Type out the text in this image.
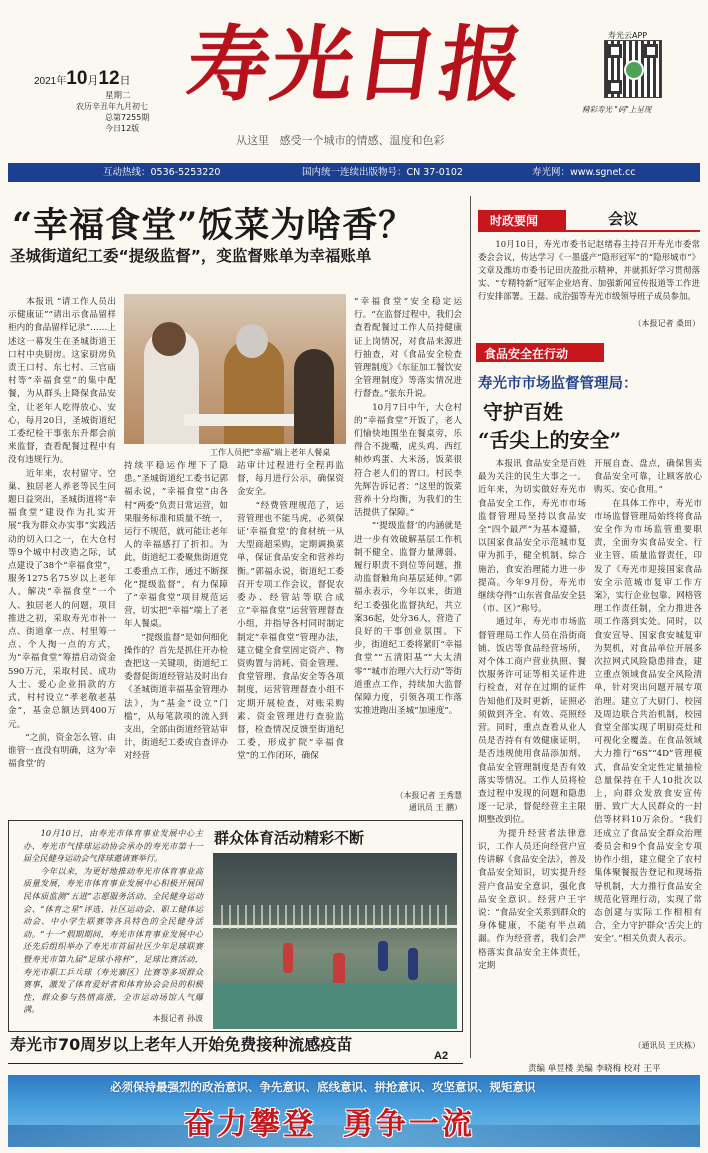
2021年10月12日
星期二
农历辛丑年九月初七
总第7255期
今日12版
寿光日报
从这里   感受一个城市的情感、温度和色彩
寿光云APP
精彩寿光 "码"上呈现
互动热线：0536-5253220	国内统一连续出版物号：CN 37-0102	寿光网：www.sgnet.cc
“幸福食堂”饭菜为啥香？
圣城街道纪工委“提级监督”，变监督账单为幸福账单
工作人员把“幸福”端上老年人餐桌
　　本报讯 “请工作人员出示健康证”“请出示食品留样柜内的食品留样记录”……上述这一幕发生在圣城街道王口村中央厨房。这家厨房负责王口村、东七村、三官庙村等“幸福食堂”的集中配餐，为从群头上降保食品安全，让老年人吃得放心、安心，每月20日，圣城街道纪工委纪检干事张东升都会前来监督，查看配餐过程中有没有违规行为。
　　近年来，农村留守、空巢、独居老人养老等民生问题日益突出，圣城街道将“幸福食堂”建设作为扎实开展“我为群众办实事”实践活动的切入口之一，在大仓村等9个城中村改造之际，试点建设了38个“幸福食堂”，服务1275名75岁以上老年人，解决“幸福食堂”一个人、独居老人的问题，项目推进之初，采取寿光市补一点、街道拿一点、村里筹一点、个人掏一点的方式，为“幸福食堂”筹措启动资金590万元，采取村民、成功人士、爱心企业捐款的方式，村村设立“孝老敬老基金”，基金总额达到400万元。
　　“之前，资金怎么管、由谁管一直没有明确，这为‘幸福食堂’的
持续平稳运作埋下了隐患。”圣城街道纪工委书记郭福永说，“幸福食堂”由各村“两委”负责日常运营，如果服务标准和质量不统一，运行不规范，就可能让老年人的幸福感打了折扣。为此，街道纪工委聚焦街道党工委重点工作，通过不断探化“提级监督”，有力保障了“幸福食堂”项目规范运营，切实把“幸福”端上了老年人餐桌。
　　“提级监督”是如何细化操作的？首先是抓住开办检查把这一关键项，街道纪工委督促街道经管站及时出台《圣城街道幸福基金管理办法》，为“基金”设立“门槛”，从每笔款项的流入到支出，全部由街道经管站审计，街道纪工委或自查评办对经营
站审计过程进行全程再监督，每月进行公示，确保资金安全。
　　“经费管理规范了，运营管理也不能马虎，必须保证‘幸福食堂’的食材统一从大型商超采购，定期调换菜单，保证食品安全和营养均衡。”郭福永说，街道纪工委召开专项工作会议，督促农委办、经管站等联合成立“幸福食堂”运营管理督查小组，并指导各村同时制定制定“幸福食堂”管理办法，建立健全食堂固定资产、物资购置与消耗、资金管理、食堂管理、食品安全等各项制度，运营管理督查小组不定期开展检查，对账采购素、资金管理进行查验监督，检查情况反馈至街道纪工委，形成扩院“幸福食堂”的工作闭环，确保
“幸福食堂”安全稳定运行。“在监督过程中，我们会查看配餐过工作人员持健康证上岗情况，对食品来源进行抽查，对《食品安全检查管理制度》《东征加工餐饮安全管理制度》等落实情况进行督查。”张东升说。
　　10月7日中午，大仓村的“幸福食堂”开饭了，老人们愉快地围坐在餐桌旁，乐得合不拢嘴，虎头鸡、西红柿炒鸡蛋、大米汤，饭菜很符合老人们的胃口。村民李先辉告诉记者：“这里的饭菜营养十分均衡，为我们的生活提供了保障。”
　　“‘提级监督’的内涵就是进一步有效破解基层工作机制不健全、监督力量薄弱、履行职责不到位等问题，推动监督触角向基层延伸。”郭福永表示，今年以来，街道纪工委强化监督执纪，共立案36起，处分36人，营造了良好的干事创业氛围。下步，街道纪工委将紧盯“幸福食堂”“五清阳基”“大太清零”“城市治理六大行动”等街道重点工作，持续加大监督保障力度，引领各项工作落实推进跑出圣城“加速度”。
（本报记者 王秀慧
通讯员 王 鹏）
群众体育活动精彩不断
　　10月10日，由寿光市体育事业发展中心主办、寿光市气排球运动协会承办的寿光市第十一届全民健身运动会气排球邀请赛举行。
　　今年以来，为更好地推动寿光市体育事业高质量发展，寿光市体育事业发展中心积极开展国民体质监测“五进”志愿服务活动、全民健身运动会、“体育之星”评选、社区运动会、职工健体运动会、中小学生联赛等各具特色的全民健身活动。“十一”假期期间，寿光市体育事业发展中心还先后组织举办了寿光市首届社区少年足球联赛暨寿光市第九届“足球小将杯”，足球比赛活动，寿光市职工乒乓球（寿光寨区）比赛等多项群众赛事，激发了体育爱好者和体育协会会员的积极性，群众参与热情高涨，全市运动场馆人气爆满。
本报记者 孙波
寿光市70周岁以上老年人开始免费接种流感疫苗
A2
责编 单昱楼 美编 李晓梅 校对 王平
必须保持最强烈的政治意识、争先意识、底线意识、拼抢意识、攻坚意识、规矩意识
奋力攀登  勇争一流
时政要闻	会议
　　10月10日，寿光市委书记赵绪春主持召开寿光市委常委会会议，传达学习《一墨盛产“隐形冠军”的“隐形城市”》文章及潍坊市委书记田庆盈批示精神，并就抓好学习贯彻落实、“专精特新”冠军企业培育、加强新闻宣传报道等工作进行安排部署。王磊、成治强等寿光市级领导班子成员参加。
（本报记者 桑田）
食品安全在行动
寿光市市场监督管理局：
守护百姓
“舌尖上的安全”
　　本报讯 食品安全是百姓最为关注的民生大事之一。近年来，为切实做好寿光市食品安全工作，寿光市市场监督管理局坚持以食品安全“四个最严”为基本遵循，以国家食品安全示范城市复审为抓手，健全机制、综合施治，食安治理能力进一步提高。今年9月份，寿光市继续夺得“山东省食品安全县（市、区）”称号。
　　通过年，寿光市市场监督管理局工作人员在沿街商铺、饭店等食品经营场所，对个体工商户营业执照、餐饮服务许可证等相关证件进行检查，对存在过期的证件告知他们及时更新，证照必须做到齐全、有效、亮照经营。同时，重点查看从业人员是否持有有效健康证明，是否违规使用食品添加剂、食品安全管理制度是否有效落实等情况。工作人员将检查过程中发现的问题和隐患逐一记录，督促经营主主限期整改到位。
　　为提升经营者法律意识，工作人员还向经营户宣传讲解《食品安全法》，普及食品安全知识，切实提升经营户食品安全意识，强化食品安全意识。经营户王宇说：“食品安全关系到群众的身体健康，不能有半点疏漏。作为经营者，我们会严格落实食品安全主体责任，定期
开展自查、盘点，确保售卖食品安全可靠，让顾客放心购买、安心食用。”
　　在具体工作中，寿光市市场监督管理局始终将食品安全作为市场监管重要职责，全面夯实食品安全、行业主管、质量监督责任，印发了《寿光市迎接国家食品安全示范城市复审工作方案》，实行企业包靠、网格管理工作责任制，全力推进各项工作落到实处。同时，以食安宣导、国家食安城复审为契机，对食品单位开展多次拉网式风险隐患排查，建立重点领域食品安全风险清单，针对突出问题开展专项治理。建立了大厨门、校园及周边联合共治机制，校园食堂全部实现了明厨亮灶和可视化全覆盖。在食品领域大力推行“6S”“4D”管理模式，食品安全定性定量抽检总量保持在千人10批次以上，向群众发放食安宣传册、致广大人民群众的一封信等材料10万余份。“我们还成立了食品安全群众治理委员会和9个食品安全专项协作小组，建立健全了农村集体聚餐报告登记和现场指导机制，大力推行食品安全规范化管理行动，实现了常态创建与实际工作相相有合，全力守护群众‘舌尖上的安全’。”相关负责人表示。
（通讯员 王庆栋）
